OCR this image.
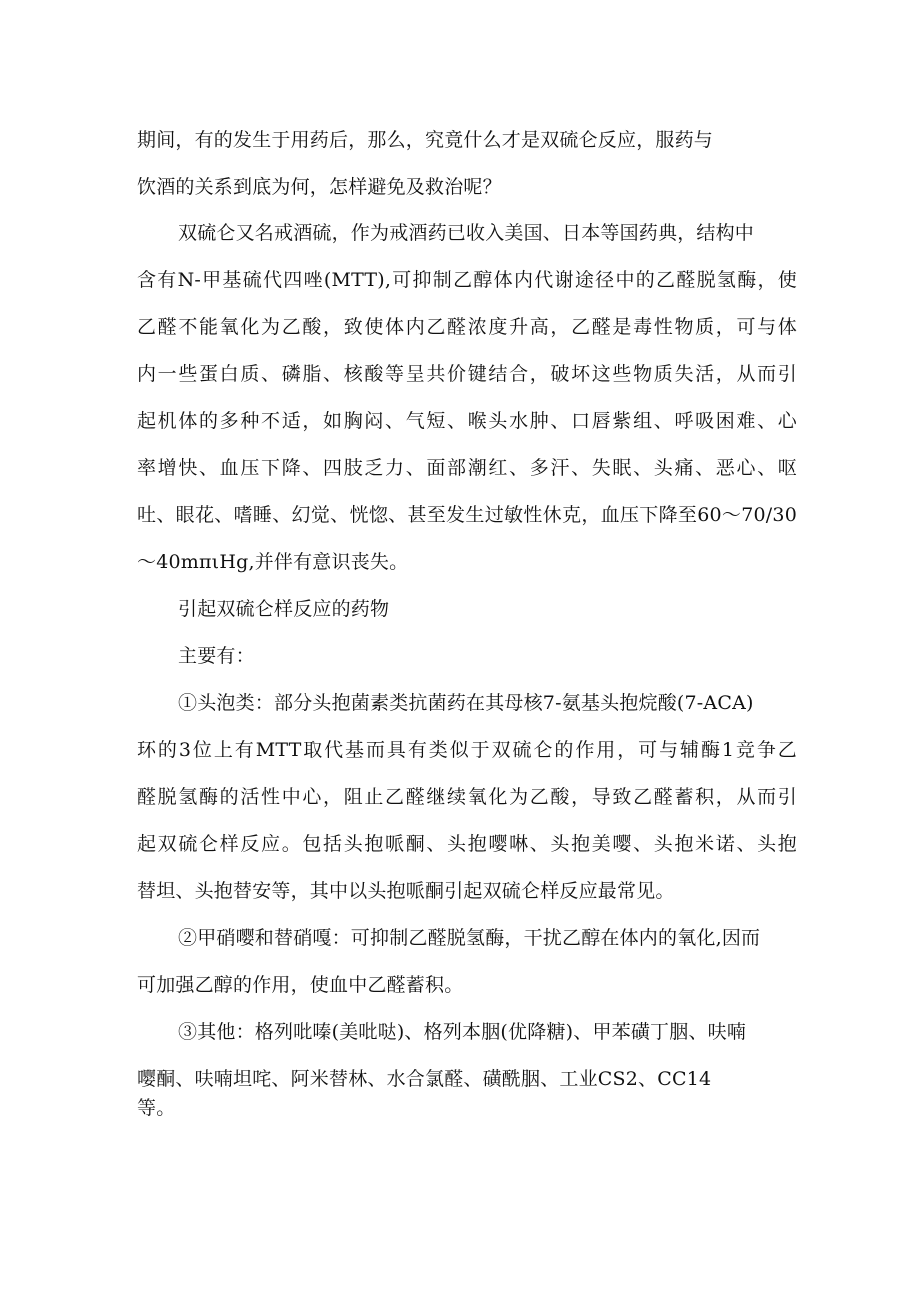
期间，有的发生于用药后，那么，究竟什么才是双硫仑反应，服药与

饮酒的关系到底为何，怎样避免及救治呢？

双硫仑又名戒酒硫，作为戒酒药已收入美国、日本等国药典，结构中

含有N-甲基硫代四唑(MTT),可抑制乙醇体内代谢途径中的乙醛脱氢酶，使

乙醛不能氧化为乙酸，致使体内乙醛浓度升高，乙醛是毒性物质，可与体

内一些蛋白质、磷脂、核酸等呈共价键结合，破坏这些物质失活，从而引

起机体的多种不适，如胸闷、气短、喉头水肿、口唇紫组、呼吸困难、心

率增快、血压下降、四肢乏力、面部潮红、多汗、失眠、头痛、恶心、呕

吐、眼花、嗜睡、幻觉、恍惚、甚至发生过敏性休克，血压下降至60～70/30

～40mπιHg,并伴有意识丧失。

引起双硫仑样反应的药物

主要有：

①头泡类：部分头抱菌素类抗菌药在其母核7-氨基头抱烷酸(7-ACA)

环的3位上有MTT取代基而具有类似于双硫仑的作用，可与辅酶1竞争乙

醛脱氢酶的活性中心，阻止乙醛继续氧化为乙酸，导致乙醛蓄积，从而引

起双硫仑样反应。包括头抱哌酮、头抱嘤啉、头抱美嘤、头抱米诺、头抱

替坦、头抱替安等，其中以头抱哌酮引起双硫仑样反应最常见。

②甲硝嘤和替硝嘎：可抑制乙醛脱氢酶，干扰乙醇在体内的氧化,因而

可加强乙醇的作用，使血中乙醛蓄积。

③其他：格列吡嗪(美吡哒)、格列本胭(优降糖)、甲苯磺丁胭、呋喃

嘤酮、呋喃坦咤、阿米替林、水合氯醛、磺酰胭、工业CS2、CC14

等。
